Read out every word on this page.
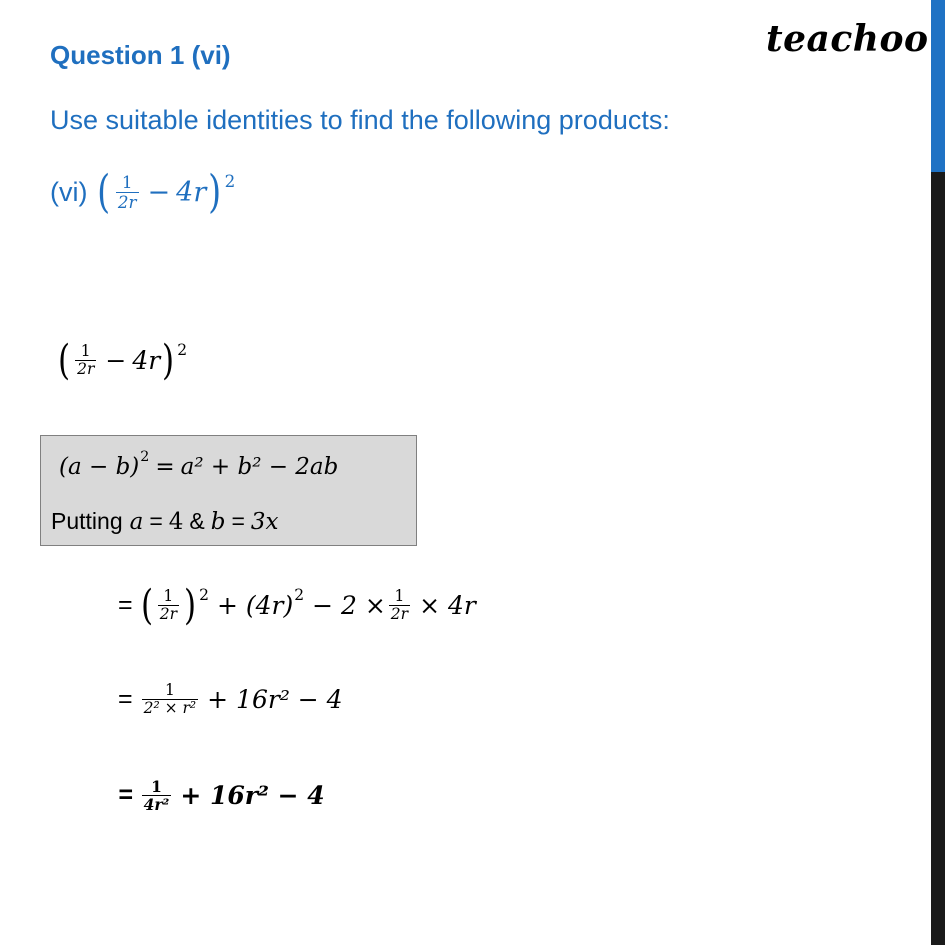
teachoo
Question 1 (vi)
Use suitable identities to find the following products:
(vi) ( $\frac{1}{2r} - 4r$ ) 2
( $\frac{1}{2r} - 4r$ ) 2
(a − b) 2 = a² + b² − 2ab
Putting a = 4 & b = 3x
= ( $\frac{1}{2r}$ ) 2 + (4r) $2 - 2 \times \frac{1}{2r} \times 4r$
= $\frac{1}{\text{2² × r²}} + 16r^2 - 4$
= $\frac{1}{\text{4r²}} + 16r^2 - 4$
